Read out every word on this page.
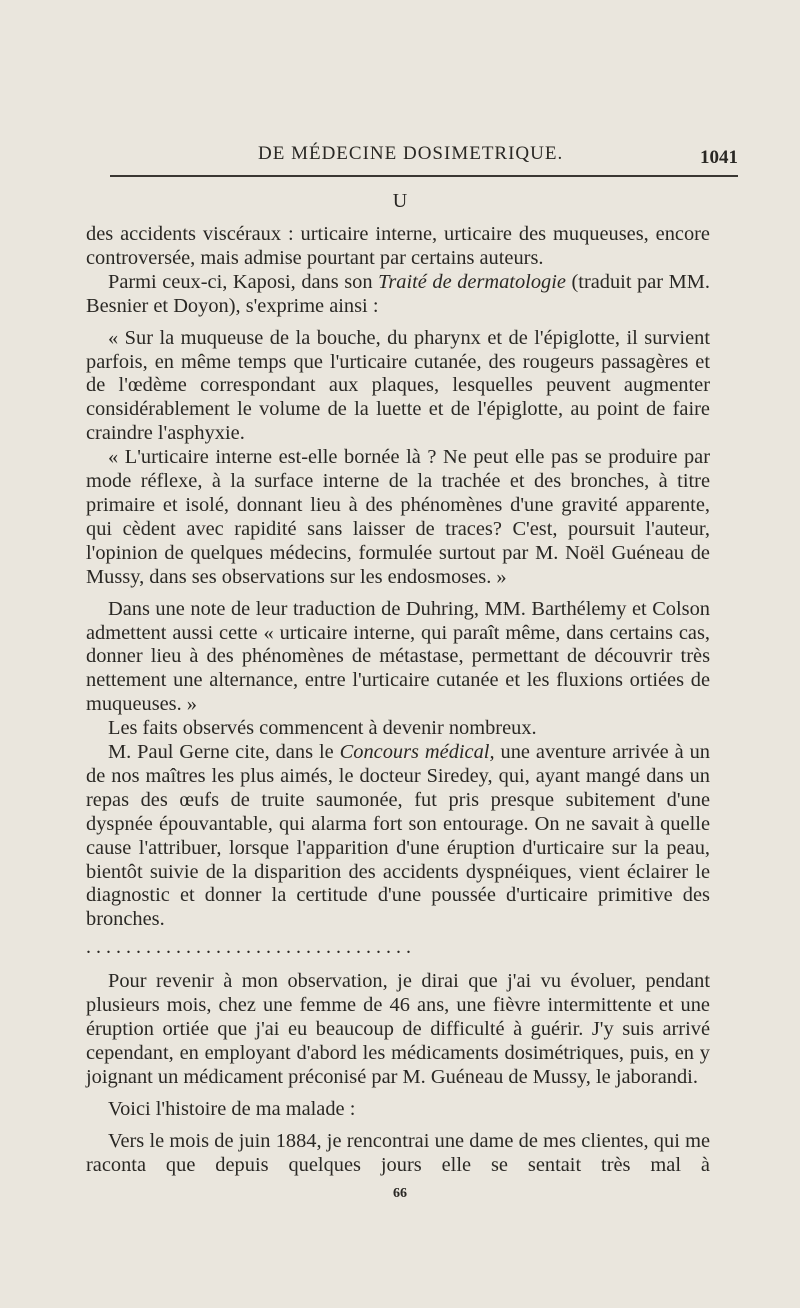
DE MÉDECINE DOSIMETRIQUE.	1041
U

des accidents viscéraux : urticaire interne, urticaire des muqueuses, encore controversée, mais admise pourtant par certains auteurs.

Parmi ceux-ci, Kaposi, dans son Traité de dermatologie (traduit par MM. Besnier et Doyon), s'exprime ainsi :

« Sur la muqueuse de la bouche, du pharynx et de l'épiglotte, il survient parfois, en même temps que l'urticaire cutanée, des rougeurs passagères et de l'œdème correspondant aux plaques, lesquelles peuvent augmenter considérablement le volume de la luette et de l'épiglotte, au point de faire craindre l'asphyxie.

« L'urticaire interne est-elle bornée là ? Ne peut elle pas se produire par mode réflexe, à la surface interne de la trachée et des bronches, à titre primaire et isolé, donnant lieu à des phénomènes d'une gravité apparente, qui cèdent avec rapidité sans laisser de traces? C'est, poursuit l'auteur, l'opinion de quelques médecins, formulée surtout par M. Noël Guéneau de Mussy, dans ses observations sur les endosmoses. »

Dans une note de leur traduction de Duhring, MM. Barthélemy et Colson admettent aussi cette « urticaire interne, qui paraît même, dans certains cas, donner lieu à des phénomènes de métastase, permettant de découvrir très nettement une alternance, entre l'urticaire cutanée et les fluxions ortiées de muqueuses. »

Les faits observés commencent à devenir nombreux.

M. Paul Gerne cite, dans le Concours médical, une aventure arrivée à un de nos maîtres les plus aimés, le docteur Siredey, qui, ayant mangé dans un repas des œufs de truite saumonée, fut pris presque subitement d'une dyspnée épouvantable, qui alarma fort son entourage. On ne savait à quelle cause l'attribuer, lorsque l'apparition d'une éruption d'urticaire sur la peau, bientôt suivie de la disparition des accidents dyspnéiques, vient éclairer le diagnostic et donner la certitude d'une poussée d'urticaire primitive des bronches.

. . . . . . . . . . . . . . . . . . . . . . . . . . . . . . . . .

Pour revenir à mon observation, je dirai que j'ai vu évoluer, pendant plusieurs mois, chez une femme de 46 ans, une fièvre intermittente et une éruption ortiée que j'ai eu beaucoup de difficulté à guérir. J'y suis arrivé cependant, en employant d'abord les médicaments dosimétriques, puis, en y joignant un médicament préconisé par M. Guéneau de Mussy, le jaborandi.

Voici l'histoire de ma malade :

Vers le mois de juin 1884, je rencontrai une dame de mes clientes, qui me raconta que depuis quelques jours elle se sentait très mal à

66
